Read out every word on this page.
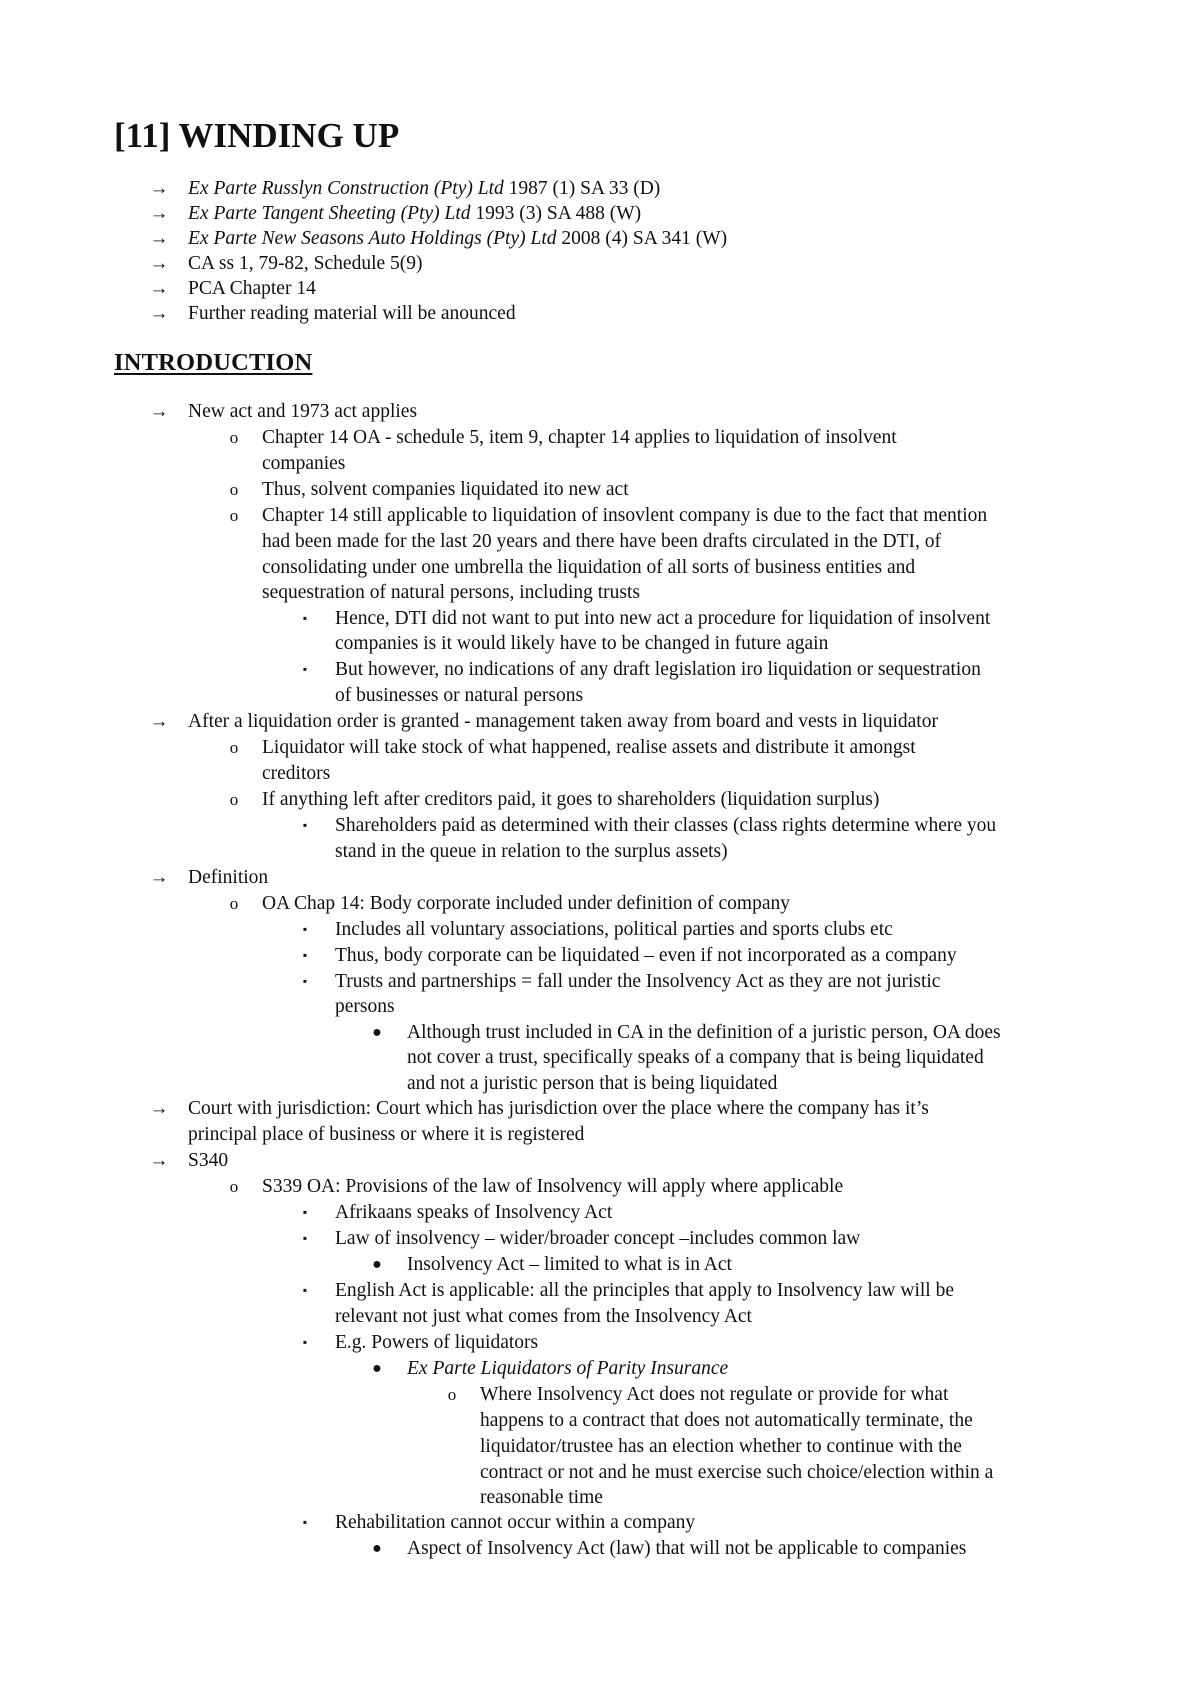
[11] WINDING UP
→ Ex Parte Russlyn Construction (Pty) Ltd 1987 (1) SA 33 (D)
→ Ex Parte Tangent Sheeting (Pty) Ltd 1993 (3) SA 488 (W)
→ Ex Parte New Seasons Auto Holdings (Pty) Ltd 2008 (4) SA 341 (W)
→ CA ss 1, 79-82, Schedule 5(9)
→ PCA Chapter 14
→ Further reading material will be anounced
INTRODUCTION
→ New act and 1973 act applies
o Chapter 14 OA - schedule 5, item 9, chapter 14 applies to liquidation of insolvent
companies
o Thus, solvent companies liquidated ito new act
o Chapter 14 still applicable to liquidation of insovlent company is due to the fact that mention
had been made for the last 20 years and there have been drafts circulated in the DTI, of
consolidating under one umbrella the liquidation of all sorts of business entities and
sequestration of natural persons, including trusts
▪ Hence, DTI did not want to put into new act a procedure for liquidation of insolvent
companies is it would likely have to be changed in future again
▪ But however, no indications of any draft legislation iro liquidation or sequestration
of businesses or natural persons
→ After a liquidation order is granted - management taken away from board and vests in liquidator
o Liquidator will take stock of what happened, realise assets and distribute it amongst
creditors
o If anything left after creditors paid, it goes to shareholders (liquidation surplus)
▪ Shareholders paid as determined with their classes (class rights determine where you
stand in the queue in relation to the surplus assets)
→ Definition
o OA Chap 14: Body corporate included under definition of company
▪ Includes all voluntary associations, political parties and sports clubs etc
▪ Thus, body corporate can be liquidated – even if not incorporated as a company
▪ Trusts and partnerships = fall under the Insolvency Act as they are not juristic
persons
● Although trust included in CA in the definition of a juristic person, OA does
not cover a trust, specifically speaks of a company that is being liquidated
and not a juristic person that is being liquidated
→ Court with jurisdiction: Court which has jurisdiction over the place where the company has it’s
principal place of business or where it is registered
→ S340
o S339 OA: Provisions of the law of Insolvency will apply where applicable
▪ Afrikaans speaks of Insolvency Act
▪ Law of insolvency – wider/broader concept –includes common law
● Insolvency Act – limited to what is in Act
▪ English Act is applicable: all the principles that apply to Insolvency law will be
relevant not just what comes from the Insolvency Act
▪ E.g. Powers of liquidators
● Ex Parte Liquidators of Parity Insurance
o Where Insolvency Act does not regulate or provide for what
happens to a contract that does not automatically terminate, the
liquidator/trustee has an election whether to continue with the
contract or not and he must exercise such choice/election within a
reasonable time
▪ Rehabilitation cannot occur within a company
● Aspect of Insolvency Act (law) that will not be applicable to companies
